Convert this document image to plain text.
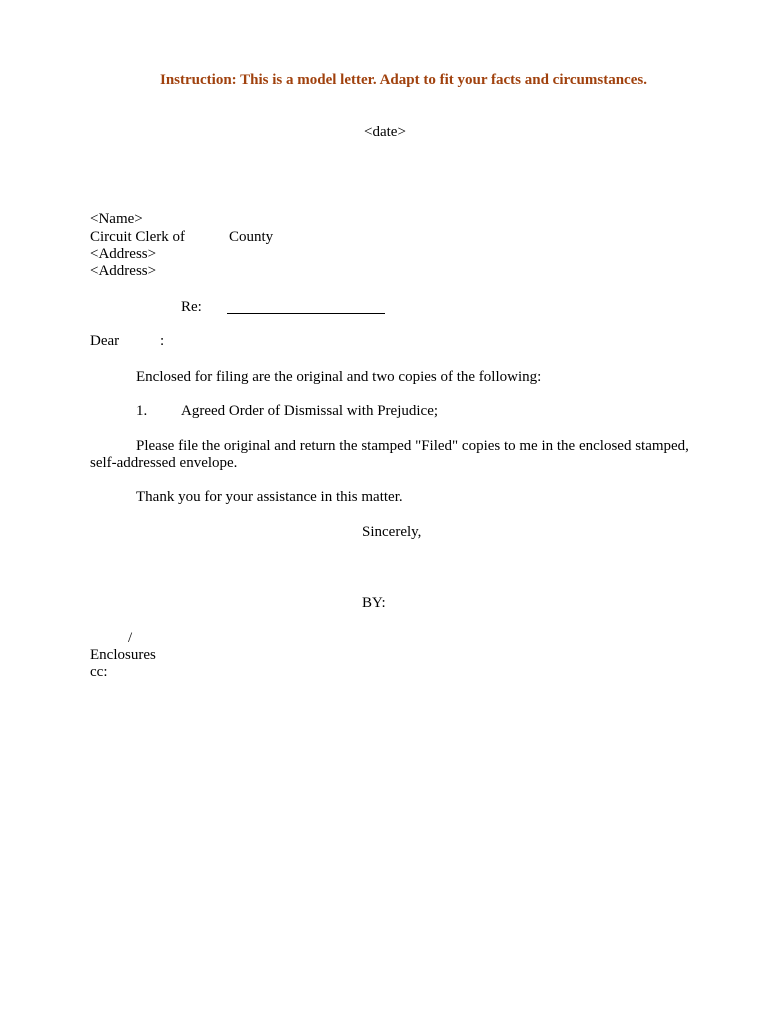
Instruction: This is a model letter. Adapt to fit your facts and circumstances.
<date>
<Name>
Circuit Clerk of	County
<Address>
<Address>
Re:
Dear	:
Enclosed for filing are the original and two copies of the following:
1. Agreed Order of Dismissal with Prejudice;
Please file the original and return the stamped "Filed" copies to me in the enclosed stamped,
self-addressed envelope.
Thank you for your assistance in this matter.
Sincerely,
BY:
/
Enclosures
cc:
